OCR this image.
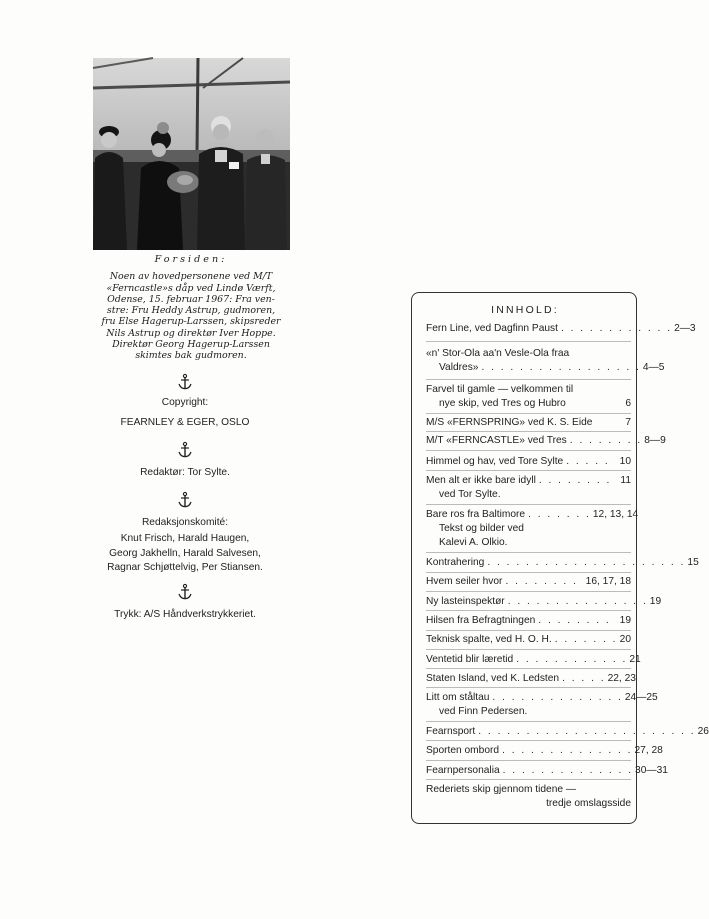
Forsiden:
Noen av hovedpersonene ved M/T
«Ferncastle»s dåp ved Lindø Værft,
Odense, 15. februar 1967: Fra ven-
stre: Fru Heddy Astrup, gudmoren,
fru Else Hagerup-Larssen, skipsreder
Nils Astrup og direktør Iver Hoppe.
Direktør Georg Hagerup-Larssen
skimtes bak gudmoren.
Copyright:
FEARNLEY & EGER, OSLO
Redaktør: Tor Sylte.
Redaksjonskomité:
Knut Frisch, Harald Haugen,
Georg Jakhelln, Harald Salvesen,
Ragnar Schjøttelvig, Per Stiansen.
Trykk: A/S Håndverkstrykkeriet.
INNHOLD:
Fern Line, ved Dagfinn Paust . . . . . . . . . . . . 2—3
«n' Stor-Ola aa'n Vesle-Ola fraa
Valdres» . . . . . . . . . . . . . . . . . 4—5
Farvel til gamle — velkommen til
nye skip, ved Tres og Hubro	6
M/S «FERNSPRING» ved K. S. Eide	7
M/T «FERNCASTLE» ved Tres . . . . . . . . 8—9
Himmel og hav, ved Tore Sylte . . . . . 10
Men alt er ikke bare idyll . . . . . . . . 11
ved Tor Sylte.
Bare ros fra Baltimore . . . . . . . 12, 13, 14
Tekst og bilder ved
Kalevi A. Olkio.
Kontrahering . . . . . . . . . . . . . . . . . . . . . 15
Hvem seiler hvor . . . . . . . . 16, 17, 18
Ny lasteinspektør . . . . . . . . . . . . . . . 19
Hilsen fra Befragtningen . . . . . . . . 19
Teknisk spalte, ved H. O. H. . . . . . . . 20
Ventetid blir læretid . . . . . . . . . . . . 21
Staten Island, ved K. Ledsten . . . . . 22, 23
Litt om ståltau . . . . . . . . . . . . . . 24—25
ved Finn Pedersen.
Fearnsport . . . . . . . . . . . . . . . . . . . . . . . 26
Sporten ombord . . . . . . . . . . . . . . 27, 28
Fearnpersonalia . . . . . . . . . . . . . . 30—31
Rederiets skip gjennom tidene —
tredje omslagsside
